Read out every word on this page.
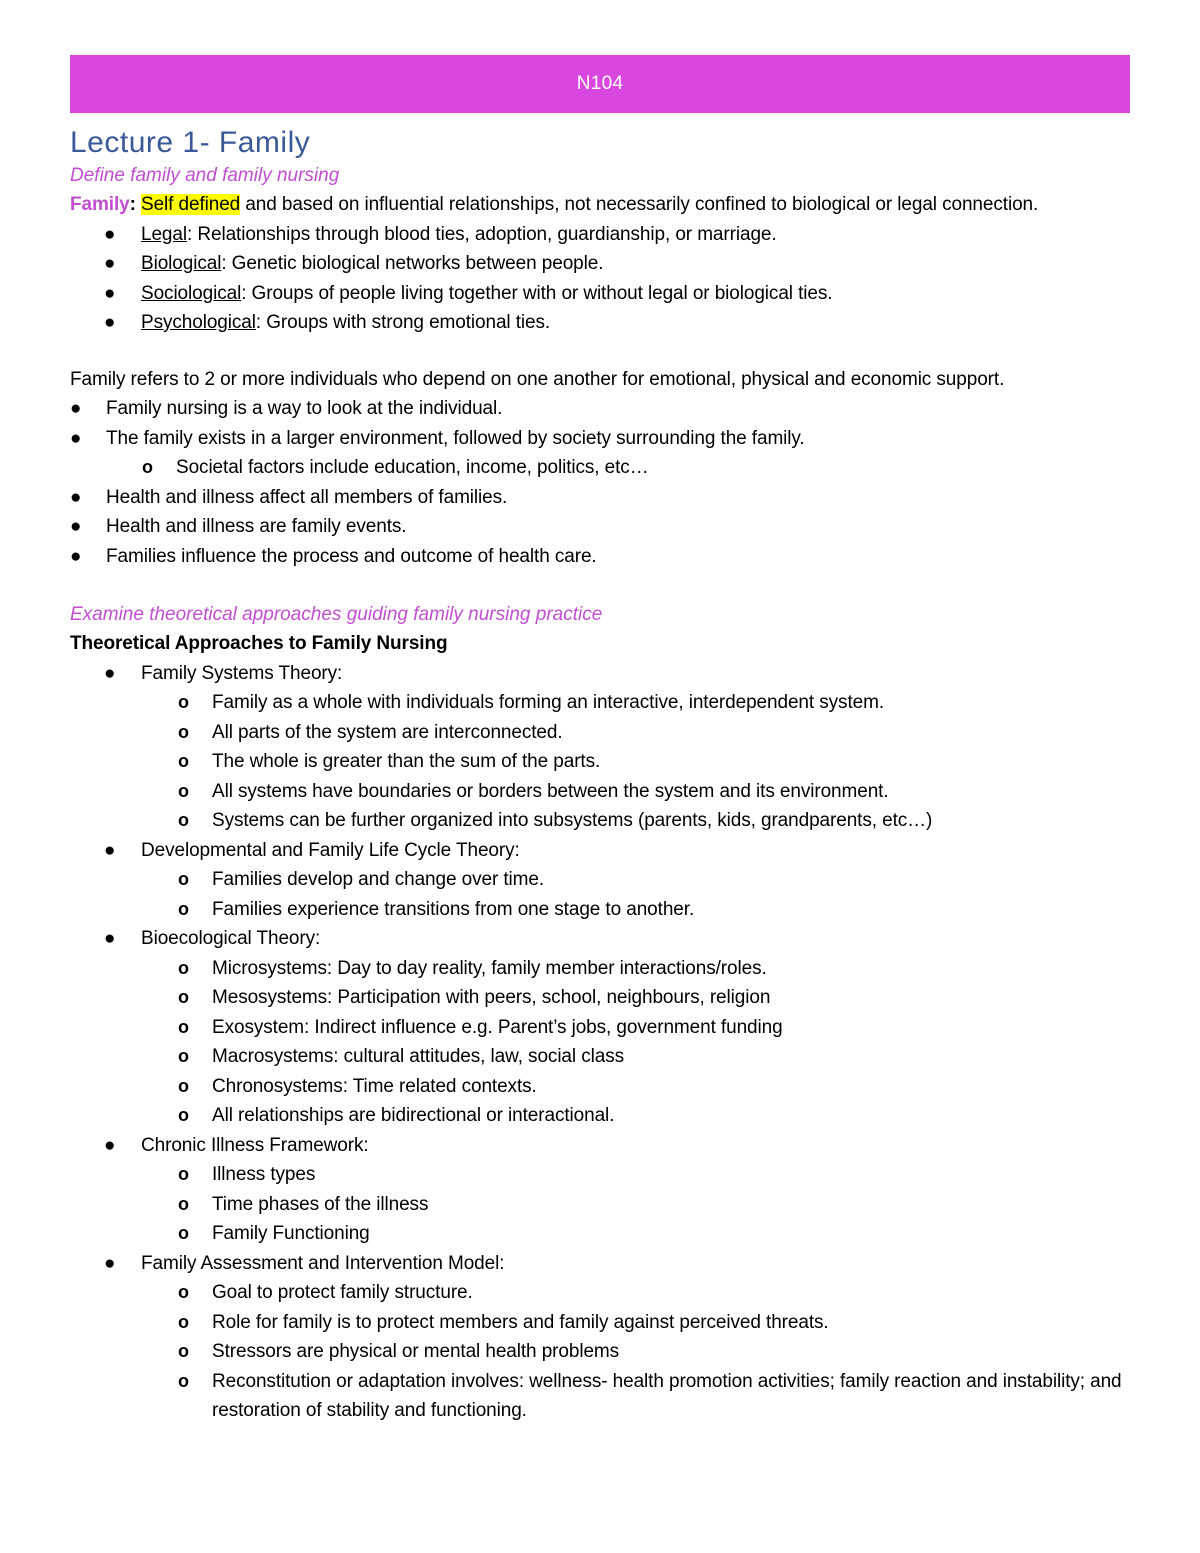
N104
Lecture 1- Family
Define family and family nursing
Family: Self defined and based on influential relationships, not necessarily confined to biological or legal connection.
● Legal: Relationships through blood ties, adoption, guardianship, or marriage.
● Biological: Genetic biological networks between people.
● Sociological: Groups of people living together with or without legal or biological ties.
● Psychological: Groups with strong emotional ties.
Family refers to 2 or more individuals who depend on one another for emotional, physical and economic support.
● Family nursing is a way to look at the individual.
● The family exists in a larger environment, followed by society surrounding the family.
o Societal factors include education, income, politics, etc…
● Health and illness affect all members of families.
● Health and illness are family events.
● Families influence the process and outcome of health care.
Examine theoretical approaches guiding family nursing practice
Theoretical Approaches to Family Nursing
● Family Systems Theory:
o Family as a whole with individuals forming an interactive, interdependent system.
o All parts of the system are interconnected.
o The whole is greater than the sum of the parts.
o All systems have boundaries or borders between the system and its environment.
o Systems can be further organized into subsystems (parents, kids, grandparents, etc…)
● Developmental and Family Life Cycle Theory:
o Families develop and change over time.
o Families experience transitions from one stage to another.
● Bioecological Theory:
o Microsystems: Day to day reality, family member interactions/roles.
o Mesosystems: Participation with peers, school, neighbours, religion
o Exosystem: Indirect influence e.g. Parent’s jobs, government funding
o Macrosystems: cultural attitudes, law, social class
o Chronosystems: Time related contexts.
o All relationships are bidirectional or interactional.
● Chronic Illness Framework:
o Illness types
o Time phases of the illness
o Family Functioning
● Family Assessment and Intervention Model:
o Goal to protect family structure.
o Role for family is to protect members and family against perceived threats.
o Stressors are physical or mental health problems
o Reconstitution or adaptation involves: wellness- health promotion activities; family reaction and instability; and restoration of stability and functioning.
